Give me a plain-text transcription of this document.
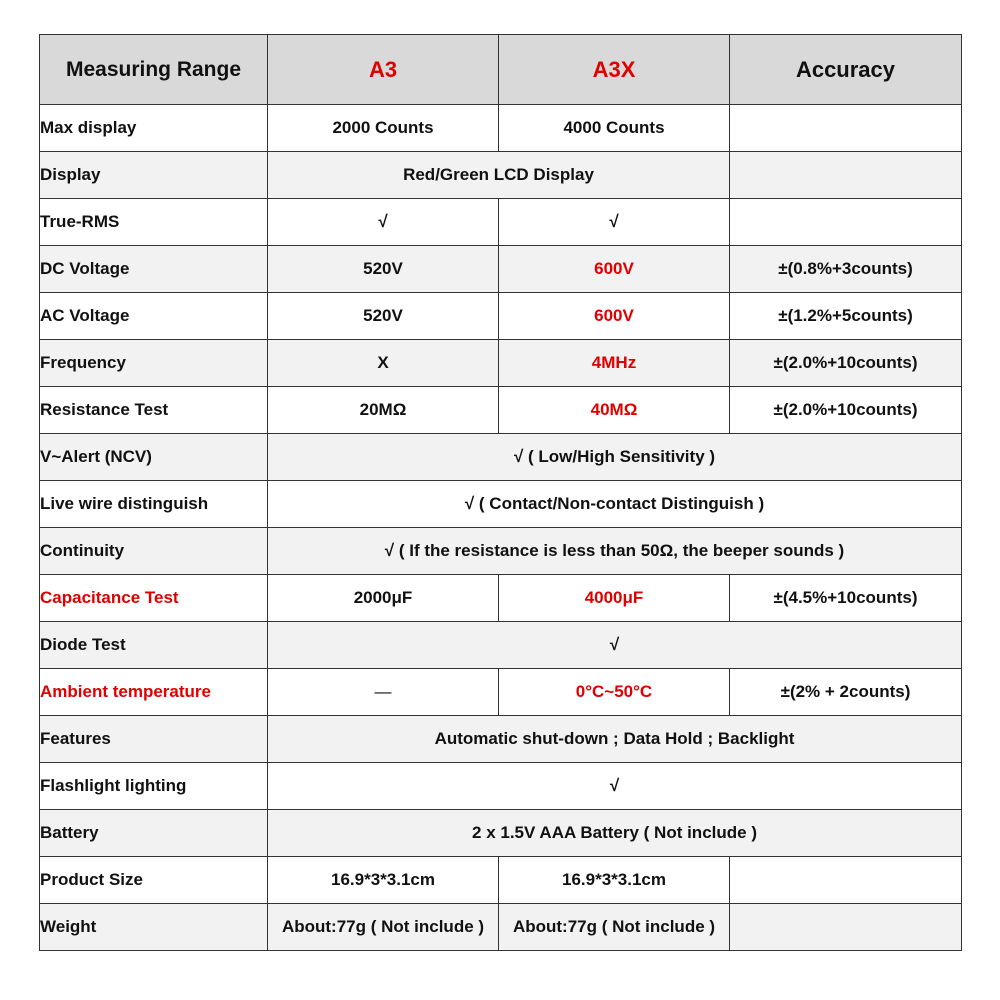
Measuring Range	A3	A3X	Accuracy
Max display	2000 Counts	4000 Counts	
Display	Red/Green LCD Display		
True-RMS	√	√	
DC Voltage	520V	600V	±(0.8%+3counts)
AC Voltage	520V	600V	±(1.2%+5counts)
Frequency	X	4MHz	±(2.0%+10counts)
Resistance Test	20MΩ	40MΩ	±(2.0%+10counts)
V~Alert (NCV)	√ ( Low/High Sensitivity )		
Live wire distinguish	√ ( Contact/Non-contact Distinguish )		
Continuity	√ ( If the resistance is less than 50Ω, the beeper sounds )		
Capacitance Test	2000μF	4000μF	±(4.5%+10counts)
Diode Test	√		
Ambient temperature	—	0°C~50°C	±(2% + 2counts)
Features	Automatic shut-down ; Data Hold ; Backlight		
Flashlight lighting	√		
Battery	2 x 1.5V AAA Battery ( Not include )		
Product Size	16.9*3*3.1cm	16.9*3*3.1cm	
Weight	About:77g ( Not include )	About:77g ( Not include )	
